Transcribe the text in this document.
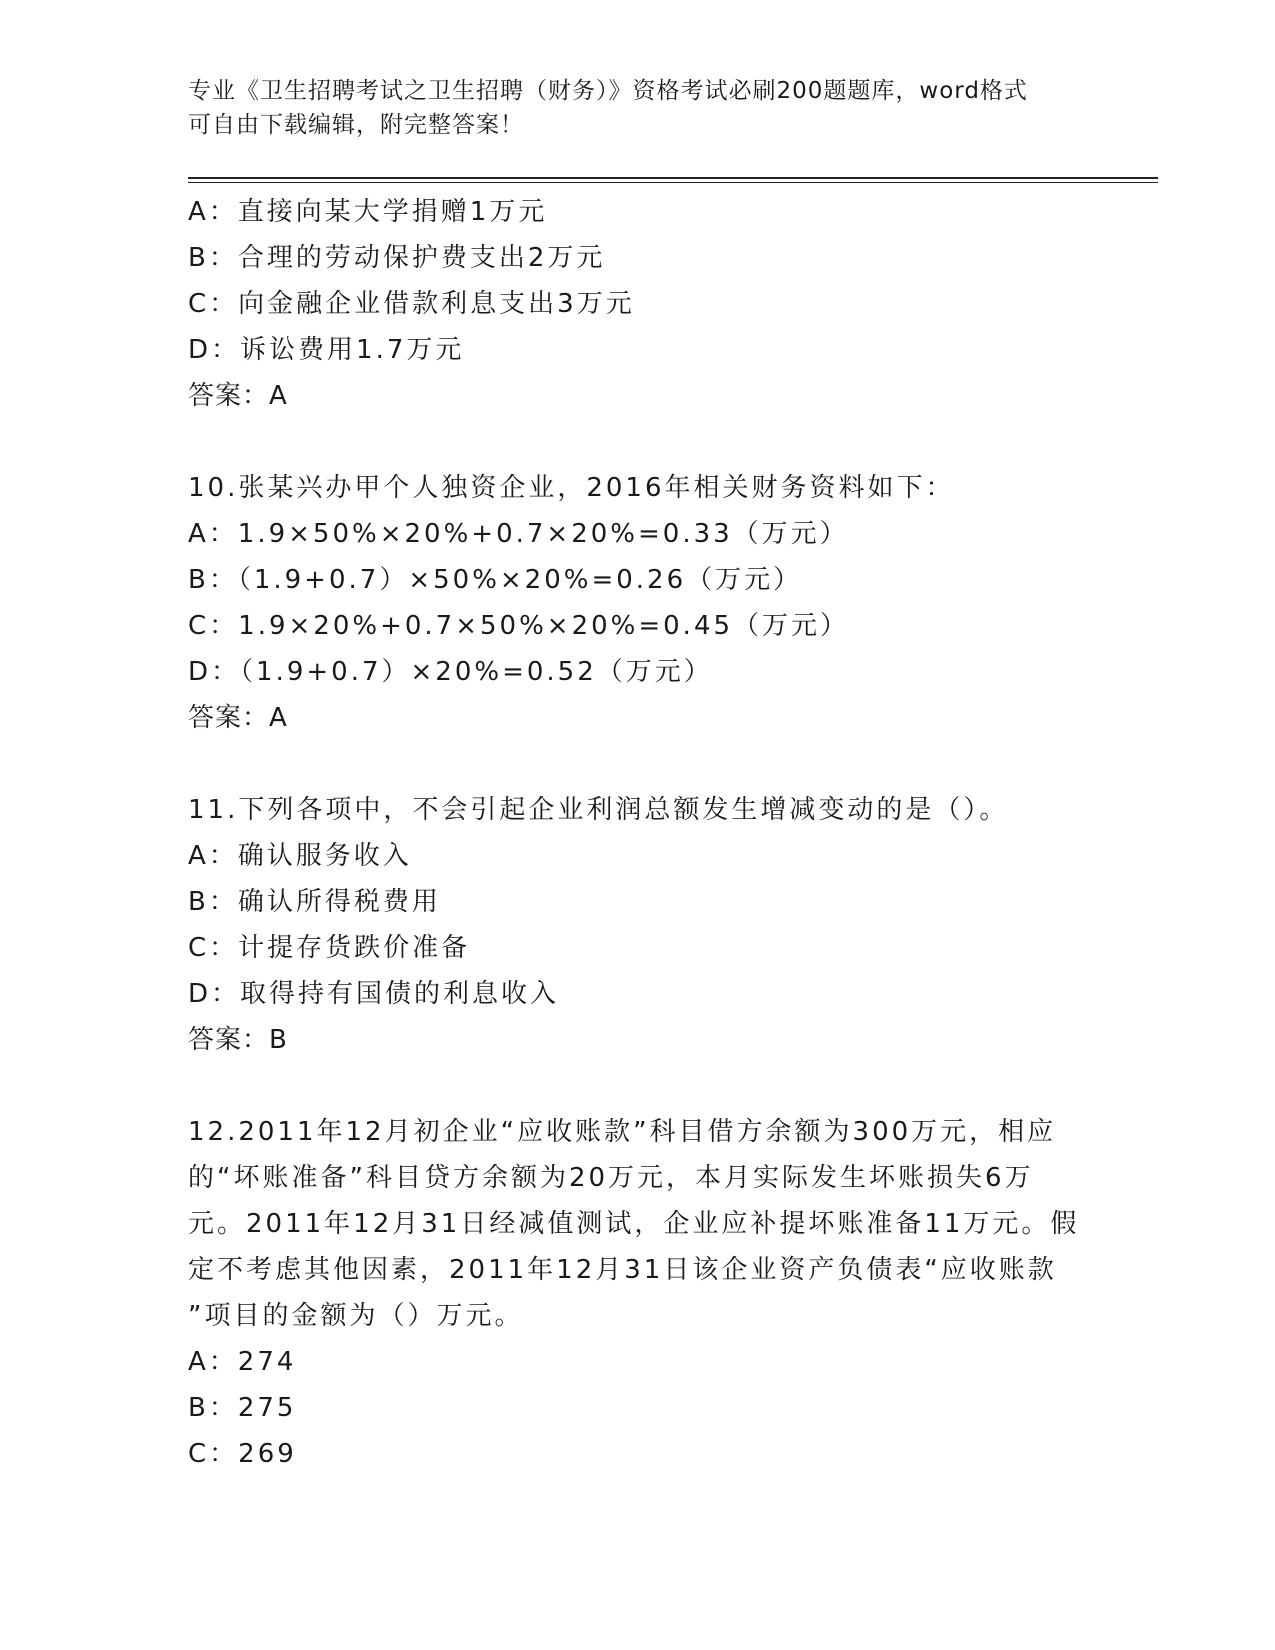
专业《卫生招聘考试之卫生招聘（财务）》资格考试必刷200题题库，word格式
可自由下载编辑，附完整答案！
A：直接向某大学捐赠1万元
B：合理的劳动保护费支出2万元
C：向金融企业借款利息支出3万元
D：诉讼费用1.7万元
答案：A
10.张某兴办甲个人独资企业，2016年相关财务资料如下：
A：1.9×50%×20%+0.7×20%=0.33（万元）
B：（1.9+0.7）×50%×20%=0.26（万元）
C：1.9×20%+0.7×50%×20%=0.45（万元）
D：（1.9+0.7）×20%=0.52（万元）
答案：A
11.下列各项中，不会引起企业利润总额发生增减变动的是（）。
A：确认服务收入
B：确认所得税费用
C：计提存货跌价准备
D：取得持有国债的利息收入
答案：B
12.2011年12月初企业“应收账款”科目借方余额为300万元，相应
的“坏账准备”科目贷方余额为20万元，本月实际发生坏账损失6万
元。2011年12月31日经减值测试，企业应补提坏账准备11万元。假
定不考虑其他因素，2011年12月31日该企业资产负债表“应收账款
”项目的金额为（）万元。
A：274
B：275
C：269
